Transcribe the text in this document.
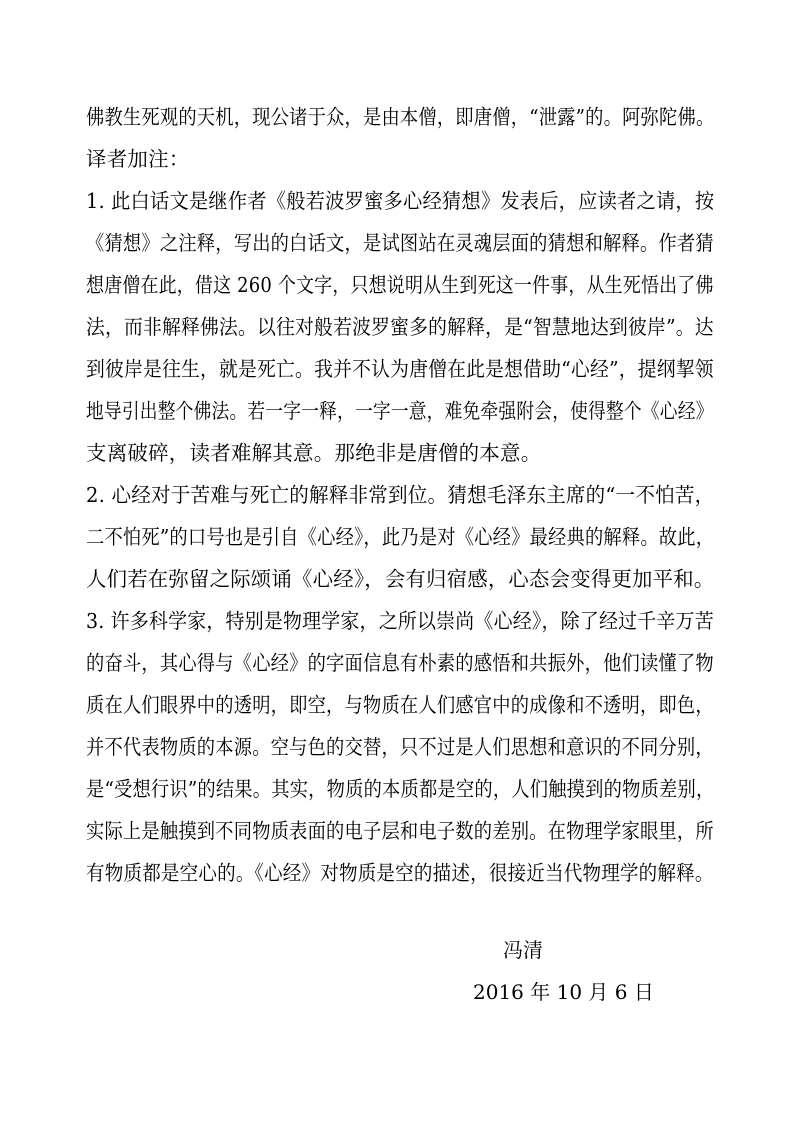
佛教生死观的天机，现公诸于众，是由本僧，即唐僧，“泄露”的。阿弥陀佛。
译者加注：
1. 此白话文是继作者《般若波罗蜜多心经猜想》发表后，应读者之请，按
《猜想》之注释，写出的白话文，是试图站在灵魂层面的猜想和解释。作者猜
想唐僧在此，借这 260 个文字，只想说明从生到死这一件事，从生死悟出了佛
法，而非解释佛法。以往对般若波罗蜜多的解释，是“智慧地达到彼岸”。达
到彼岸是往生，就是死亡。我并不认为唐僧在此是想借助“心经”，提纲挈领
地导引出整个佛法。若一字一释，一字一意，难免牵强附会，使得整个《心经》
支离破碎，读者难解其意。那绝非是唐僧的本意。
2. 心经对于苦难与死亡的解释非常到位。猜想毛泽东主席的“一不怕苦，
二不怕死”的口号也是引自《心经》，此乃是对《心经》最经典的解释。故此，
人们若在弥留之际颂诵《心经》，会有归宿感，心态会变得更加平和。
3. 许多科学家，特别是物理学家，之所以崇尚《心经》，除了经过千辛万苦
的奋斗，其心得与《心经》的字面信息有朴素的感悟和共振外，他们读懂了物
质在人们眼界中的透明，即空，与物质在人们感官中的成像和不透明，即色，
并不代表物质的本源。空与色的交替，只不过是人们思想和意识的不同分别，
是“受想行识”的结果。其实，物质的本质都是空的，人们触摸到的物质差别，
实际上是触摸到不同物质表面的电子层和电子数的差别。在物理学家眼里，所
有物质都是空心的。《心经》对物质是空的描述，很接近当代物理学的解释。
冯清
2016 年 10 月 6 日
